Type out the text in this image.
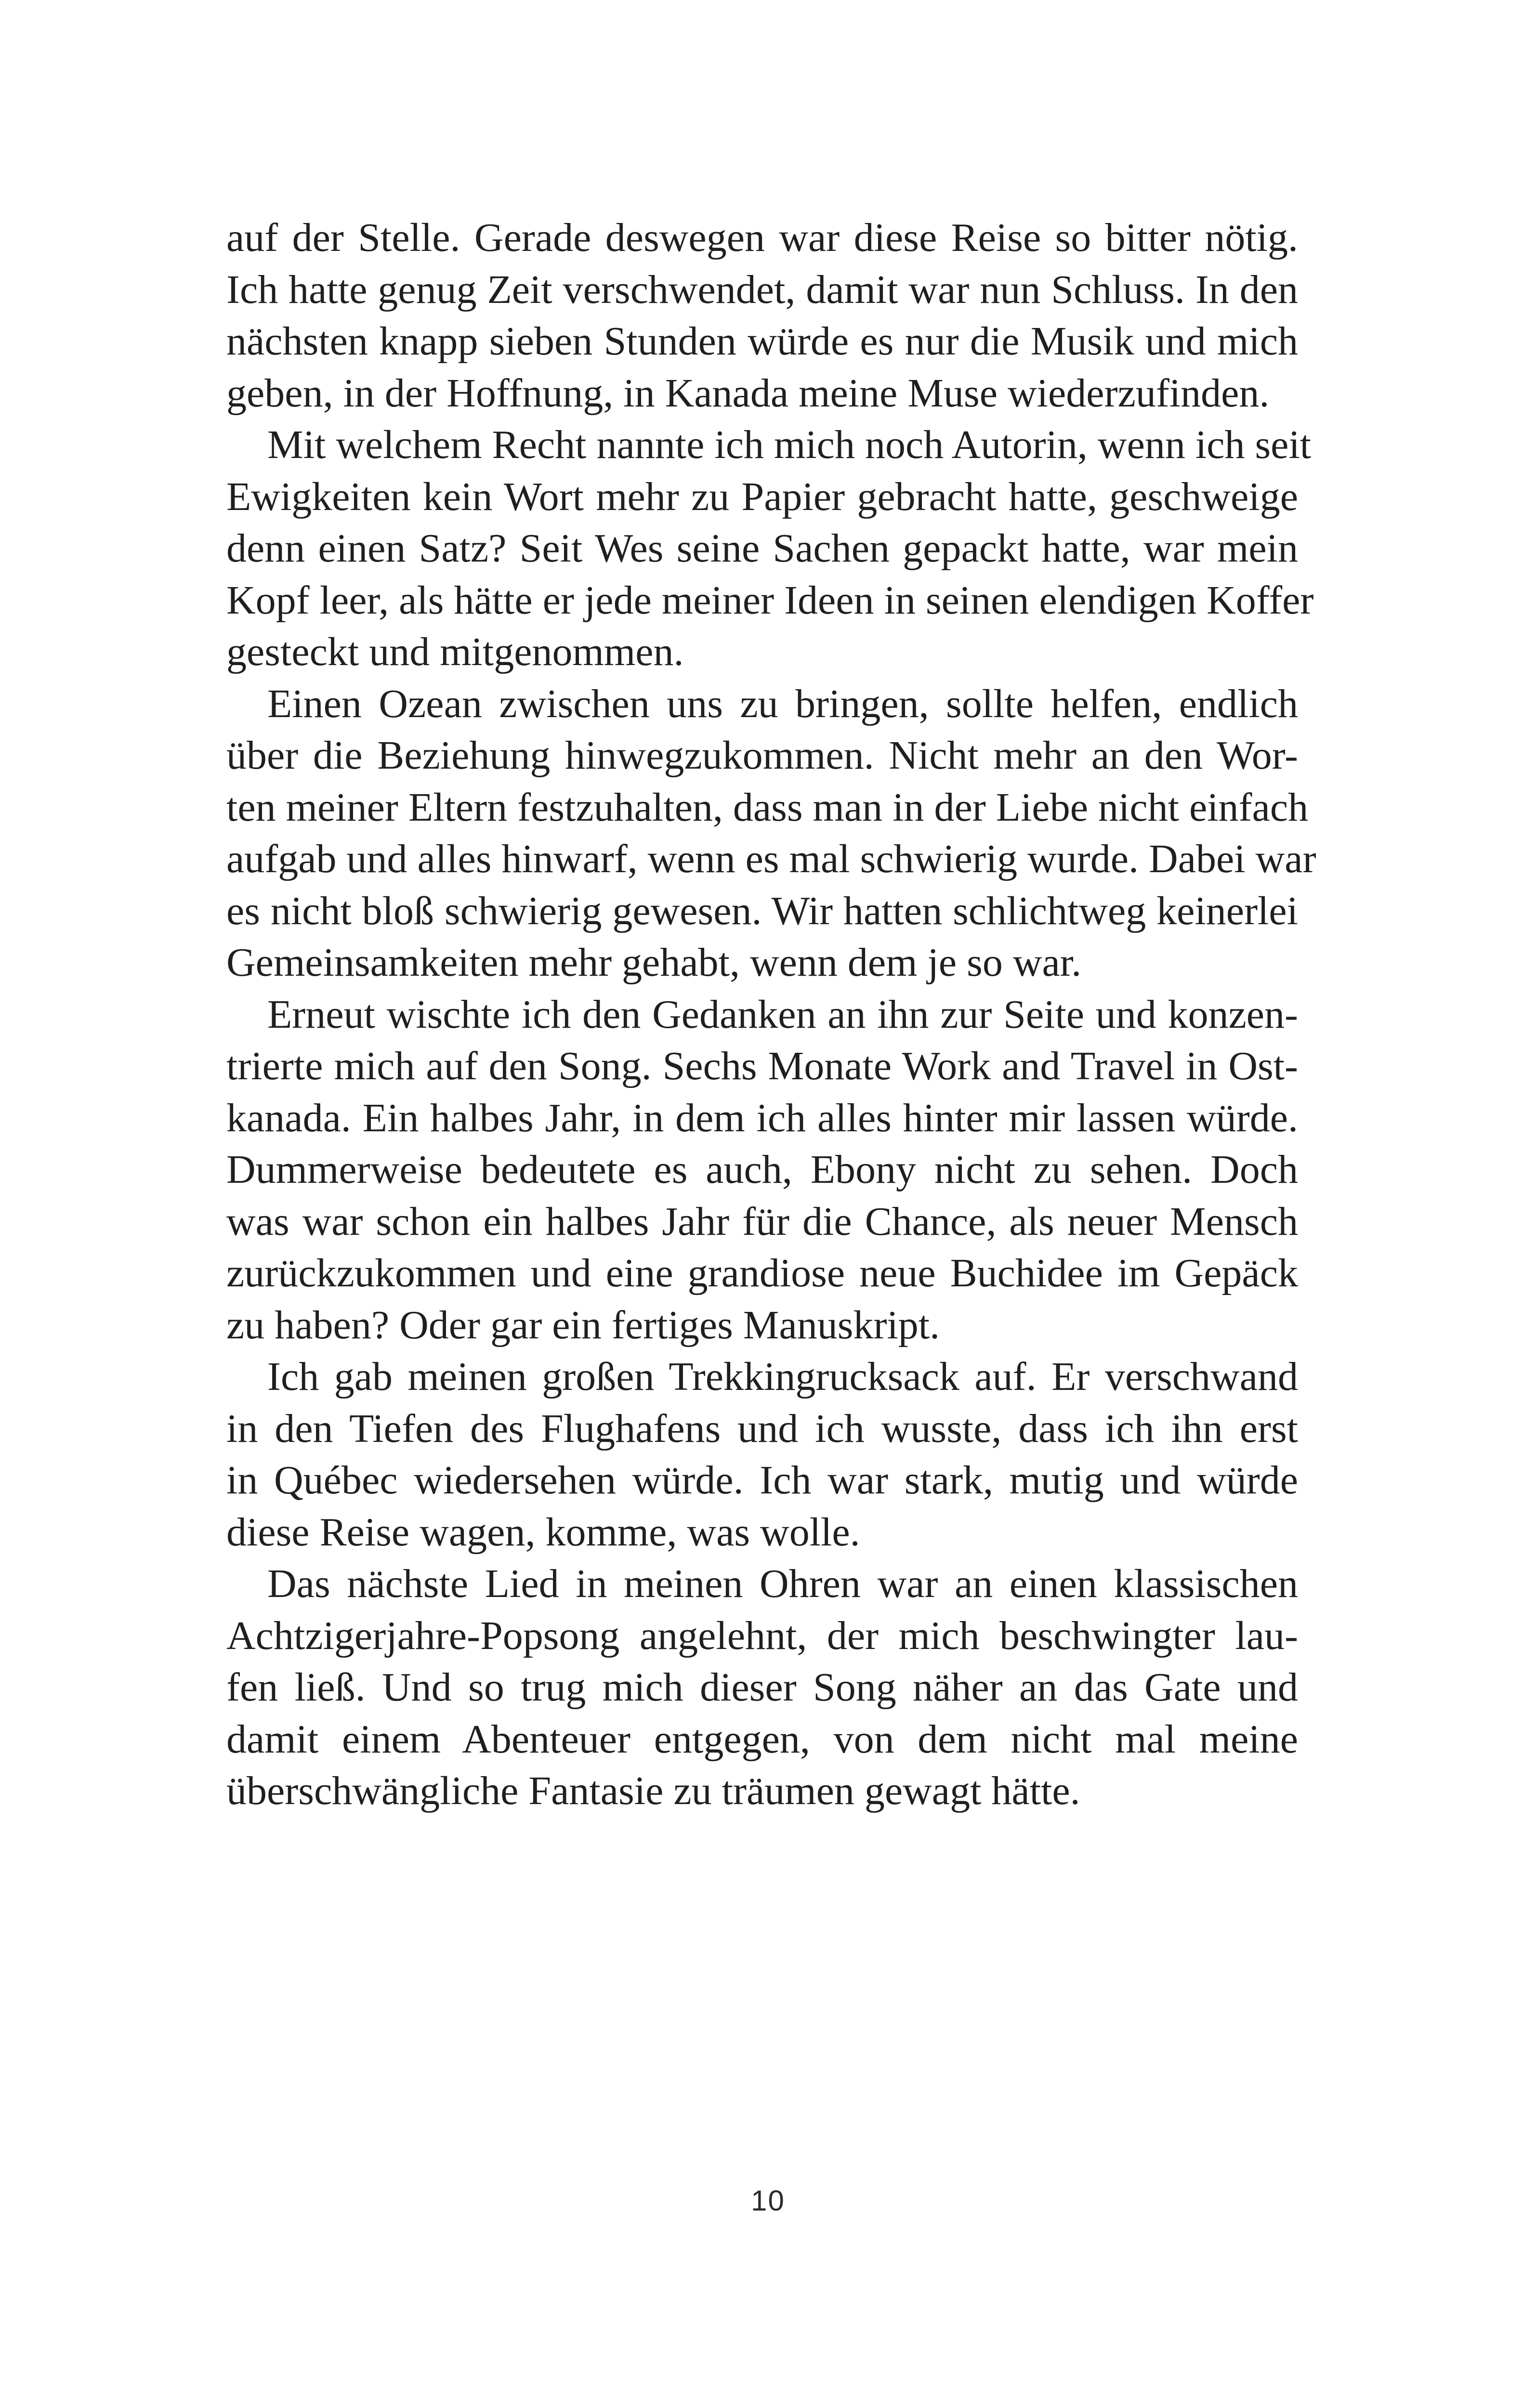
auf der Stelle. Gerade deswegen war diese Reise so bitter nötig.
Ich hatte genug Zeit verschwendet, damit war nun Schluss. In den
nächsten knapp sieben Stunden würde es nur die Musik und mich
geben, in der Hoffnung, in Kanada meine Muse wiederzufinden.

Mit welchem Recht nannte ich mich noch Autorin, wenn ich seit
Ewigkeiten kein Wort mehr zu Papier gebracht hatte, geschweige
denn einen Satz? Seit Wes seine Sachen gepackt hatte, war mein
Kopf leer, als hätte er jede meiner Ideen in seinen elendigen Koffer
gesteckt und mitgenommen.

Einen Ozean zwischen uns zu bringen, sollte helfen, endlich
über die Beziehung hinwegzukommen. Nicht mehr an den Wor-
ten meiner Eltern festzuhalten, dass man in der Liebe nicht einfach
aufgab und alles hinwarf, wenn es mal schwierig wurde. Dabei war
es nicht bloß schwierig gewesen. Wir hatten schlichtweg keinerlei
Gemeinsamkeiten mehr gehabt, wenn dem je so war.

Erneut wischte ich den Gedanken an ihn zur Seite und konzen-
trierte mich auf den Song. Sechs Monate Work and Travel in Ost-
kanada. Ein halbes Jahr, in dem ich alles hinter mir lassen würde.
Dummerweise bedeutete es auch, Ebony nicht zu sehen. Doch
was war schon ein halbes Jahr für die Chance, als neuer Mensch
zurückzukommen und eine grandiose neue Buchidee im Gepäck
zu haben? Oder gar ein fertiges Manuskript.

Ich gab meinen großen Trekkingrucksack auf. Er verschwand
in den Tiefen des Flughafens und ich wusste, dass ich ihn erst
in Québec wiedersehen würde. Ich war stark, mutig und würde
diese Reise wagen, komme, was wolle.

Das nächste Lied in meinen Ohren war an einen klassischen
Achtzigerjahre-Popsong angelehnt, der mich beschwingter lau-
fen ließ. Und so trug mich dieser Song näher an das Gate und
damit einem Abenteuer entgegen, von dem nicht mal meine
überschwängliche Fantasie zu träumen gewagt hätte.

10
